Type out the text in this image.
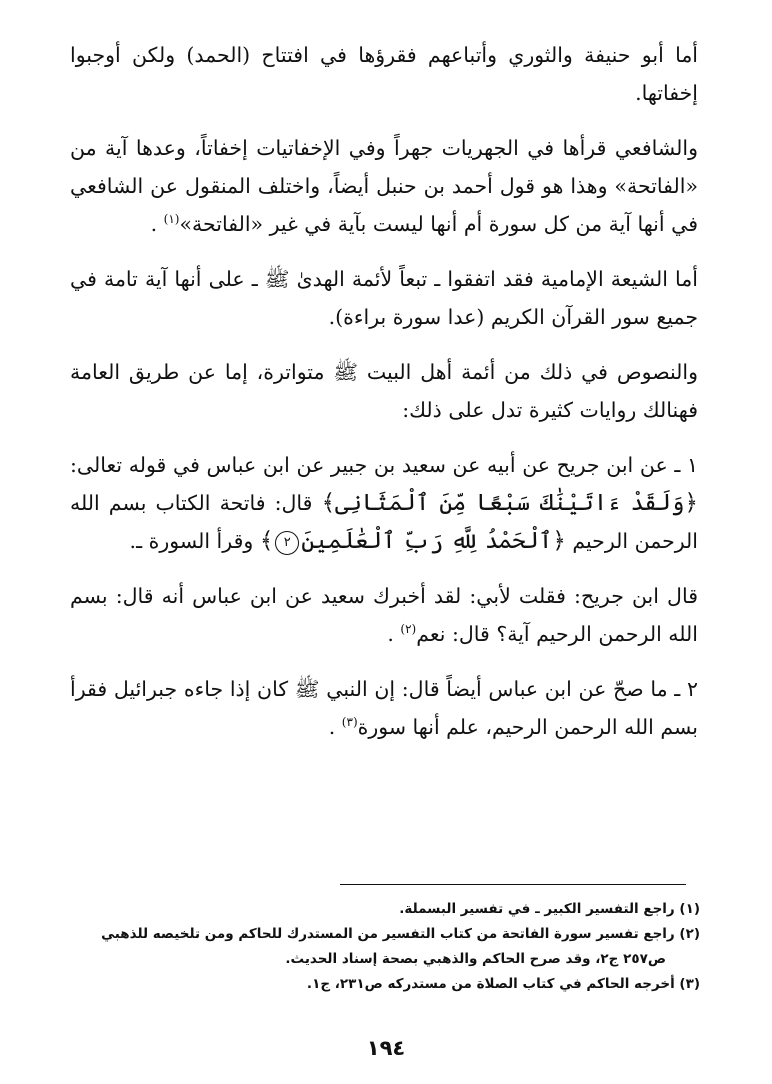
أما أبو حنيفة والثوري وأتباعهم فقرؤها في افتتاح (الحمد) ولكن أوجبوا إخفاتها.

والشافعي قرأها في الجهريات جهراً وفي الإخفاتيات إخفاتاً، وعدها آية من «الفاتحة» وهذا هو قول أحمد بن حنبل أيضاً، واختلف المنقول عن الشافعي في أنها آية من كل سورة أم أنها ليست بآية في غير «الفاتحة»$^{(١)}$ .

أما الشيعة الإمامية فقد اتفقوا ـ تبعاً لأئمة الهدىٰ ﷺ ـ على أنها آية تامة في جميع سور القرآن الكريم (عدا سورة براءة).

والنصوص في ذلك من أئمة أهل البيت ﷺ متواترة، إما عن طريق العامة فهنالك روايات كثيرة تدل على ذلك:

١ ـ عن ابن جريح عن أبيه عن سعيد بن جبير عن ابن عباس في قوله تعالى: ﴿وَلَقَدْ ءَاتَيْنَٰكَ سَبْعًا مِّنَ ٱلْمَثَانِى﴾ قال: فاتحة الكتاب بسم الله الرحمن الرحيم ﴿ٱلْحَمْدُ لِلَّهِ رَبِّ ٱلْعَٰلَمِينَ٢﴾ وقرأ السورة ـ.

قال ابن جريح: فقلت لأبي: لقد أخبرك سعيد عن ابن عباس أنه قال: بسم الله الرحمن الرحيم آية؟ قال: نعم$^{(٢)}$ .

٢ ـ ما صحّ عن ابن عباس أيضاً قال: إن النبي ﷺ كان إذا جاءه جبرائيل فقرأ بسم الله الرحمن الرحيم، علم أنها سورة$^{(٣)}$ .

(١) راجع التفسير الكبير ـ في تفسير البسملة.

(٢) راجع تفسير سورة الفاتحة من كتاب التفسير من المستدرك للحاكم ومن تلخيصه للذهبي

ص٢٥٧ ج٢، وقد صرح الحاكم والذهبي بصحة إسناد الحديث.

(٣) أخرجه الحاكم في كتاب الصلاة من مستدركه ص٢٣١، ج١.

١٩٤
